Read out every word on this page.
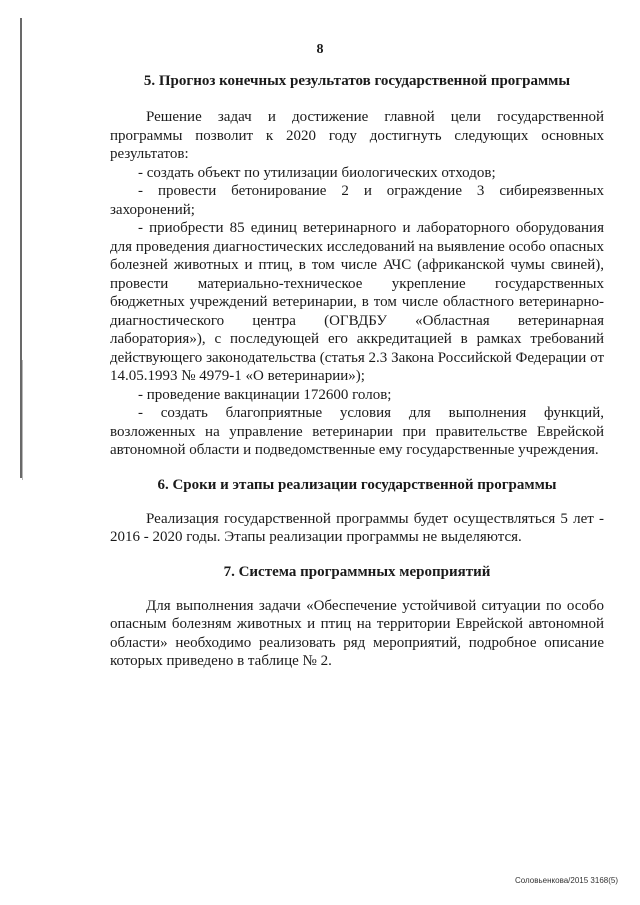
8
5. Прогноз конечных результатов государственной программы

Решение задач и достижение главной цели государственной программы позволит к 2020 году достигнуть следующих основных результатов:

- создать объект по утилизации биологических отходов;

- провести бетонирование 2 и ограждение 3 сибиреязвенных захоронений;

- приобрести 85 единиц ветеринарного и лабораторного оборудования для проведения диагностических исследований на выявление особо опасных болезней животных и птиц, в том числе АЧС (африканской чумы свиней), провести материально-техническое укрепление государственных бюджетных учреждений ветеринарии, в том числе областного ветеринарно-диагностического центра (ОГВДБУ «Областная ветеринарная лаборатория»), с последующей его аккредитацией в рамках требований действующего законодательства (статья 2.3 Закона Российской Федерации от 14.05.1993 № 4979-1 «О ветеринарии»);

- проведение вакцинации 172600 голов;

- создать благоприятные условия для выполнения функций, возложенных на управление ветеринарии при правительстве Еврейской автономной области и подведомственные ему государственные учреждения.

6. Сроки и этапы реализации государственной программы

Реализация государственной программы будет осуществляться 5 лет - 2016 - 2020 годы. Этапы реализации программы не выделяются.

7. Система программных мероприятий

Для выполнения задачи «Обеспечение устойчивой ситуации по особо опасным болезням животных и птиц на территории Еврейской автономной области» необходимо реализовать ряд мероприятий, подробное описание которых приведено в таблице № 2.

Соловьенкова/2015 3168(5)
